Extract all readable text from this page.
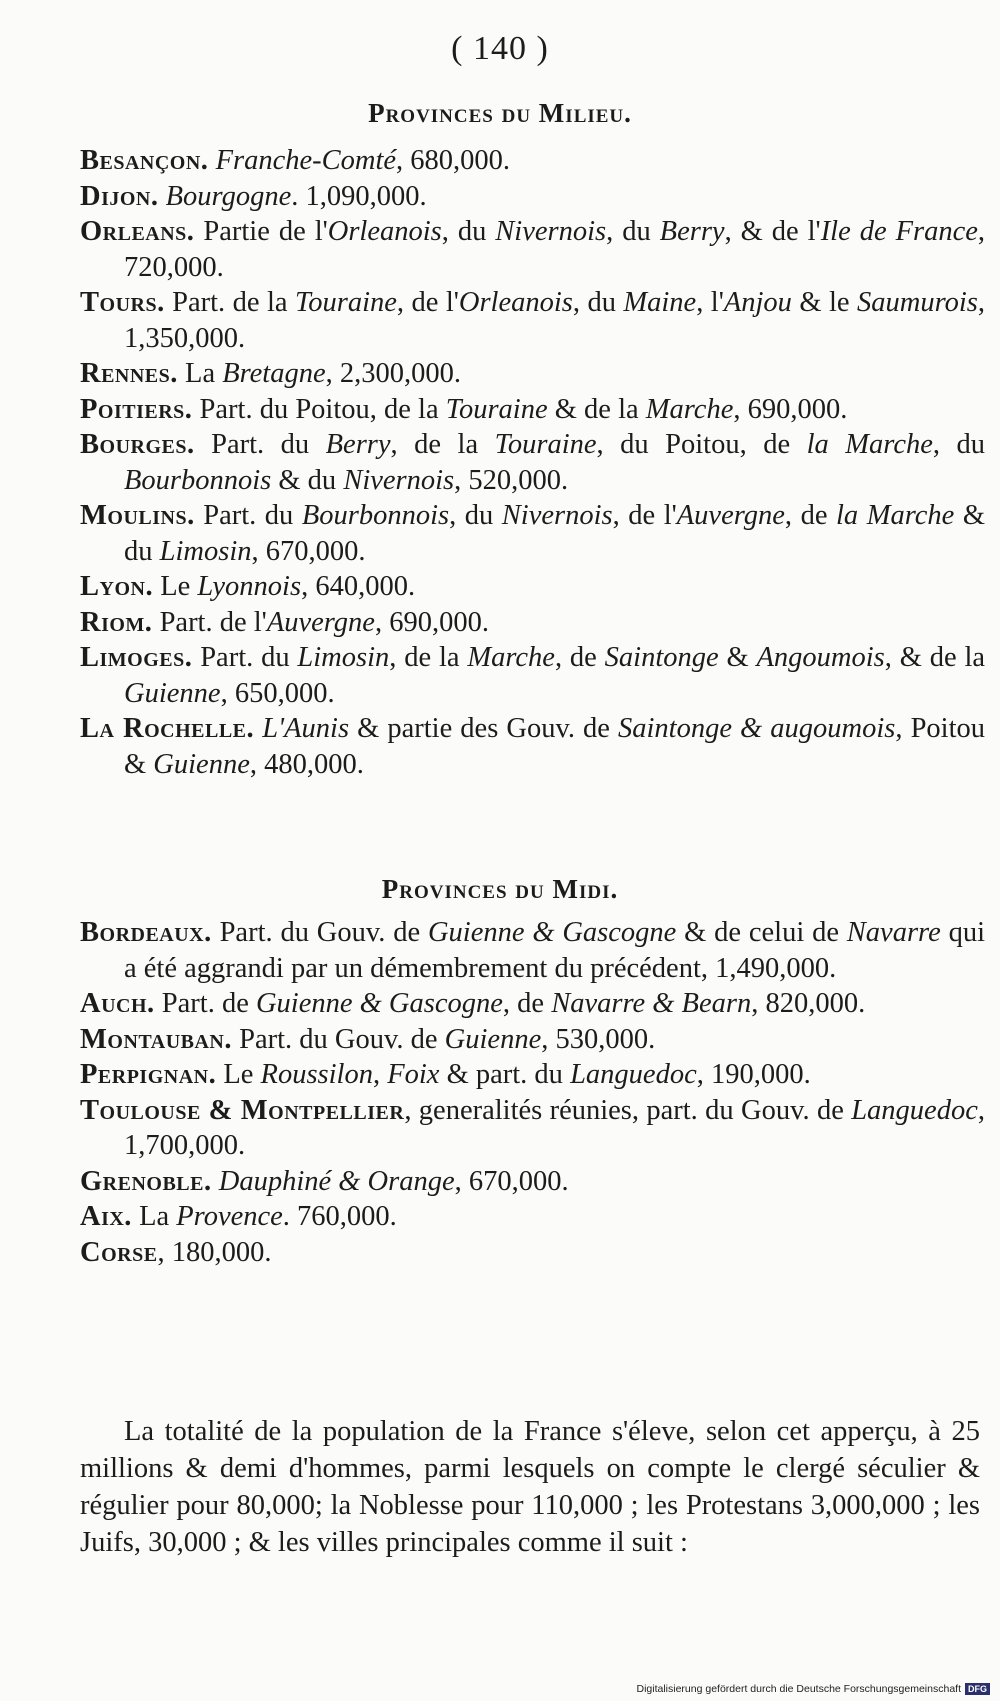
( 140 )
Provinces du Milieu.

Besançon. Franche-Comté, 680,000.

Dijon. Bourgogne. 1,090,000.

Orleans. Partie de l'Orleanois, du Nivernois, du Berry, & de l'Ile de France, 720,000.

Tours. Part. de la Touraine, de l'Orleanois, du Maine, l'Anjou & le Saumurois, 1,350,000.

Rennes. La Bretagne, 2,300,000.

Poitiers. Part. du Poitou, de la Touraine & de la Marche, 690,000.

Bourges. Part. du Berry, de la Touraine, du Poitou, de la Marche, du Bourbonnois & du Nivernois, 520,000.

Moulins. Part. du Bourbonnois, du Nivernois, de l'Auvergne, de la Marche & du Limosin, 670,000.

Lyon. Le Lyonnois, 640,000.

Riom. Part. de l'Auvergne, 690,000.

Limoges. Part. du Limosin, de la Marche, de Saintonge & Angoumois, & de la Guienne, 650,000.

La Rochelle. L'Aunis & partie des Gouv. de Saintonge & augoumois, Poitou & Guienne, 480,000.

Provinces du Midi.

Bordeaux. Part. du Gouv. de Guienne & Gascogne & de celui de Navarre qui a été aggrandi par un démembrement du précédent, 1,490,000.

Auch. Part. de Guienne & Gascogne, de Navarre & Bearn, 820,000.

Montauban. Part. du Gouv. de Guienne, 530,000.

Perpignan. Le Roussilon, Foix & part. du Languedoc, 190,000.

Toulouse & Montpellier, generalités réunies, part. du Gouv. de Languedoc, 1,700,000.

Grenoble. Dauphiné & Orange, 670,000.

Aix. La Provence. 760,000.

Corse, 180,000.

La totalité de la population de la France s'éleve, selon cet apperçu, à 25 millions & demi d'hommes, parmi lesquels on compte le clergé séculier & régulier pour 80,000; la Noblesse pour 110,000 ; les Protestans 3,000,000 ; les Juifs, 30,000 ; & les villes principales comme il suit :

Digitalisierung gefördert durch die Deutsche Forschungsgemeinschaft DFG
